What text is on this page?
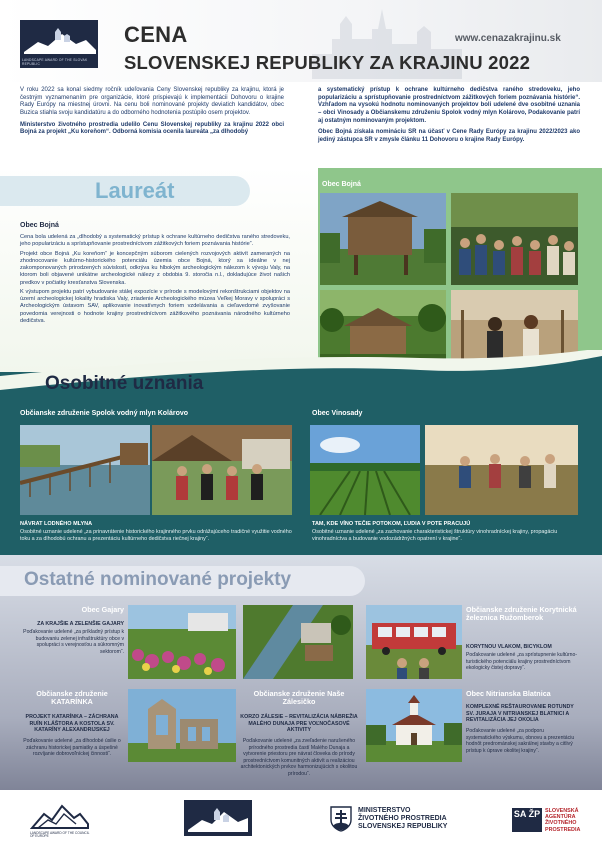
LANDSCAPE AWARD OF THE SLOVAK REPUBLIC
CENA
SLOVENSKEJ REPUBLIKY ZA KRAJINU 2022
www.cenazakrajinu.sk

V roku 2022 sa konal siedmy ročník udeľovania Ceny Slovenskej republiky za krajinu, ktorá je čestným vyznamenaním pre organizácie, ktoré prispievajú k implementácii Dohovoru o krajine Rady Európy na miestnej úrovni. Na cenu boli nominované projekty deviatich kandidátov, obec Buzica stiahla svoju kandidatúru a do odborného hodnotenia postúpilo osem projektov.

Ministerstvo životného prostredia udelilo Cenu Slovenskej republiky za krajinu 2022 obci Bojná za projekt „Ku koreňom“. Odborná komisia ocenila laureáta „za dlhodobý

a systematický prístup k ochrane kultúrneho dedičstva raného stredoveku, jeho popularizáciu a sprístupňovanie prostredníctvom zážitkových foriem poznávania histórie“. Vzhľadom na vysokú hodnotu nominovaných projektov boli udelené dve osobitné uznania – obci Vinosady a Občianskemu združeniu Spolok vodný mlyn Kolárovo, Podakovanie patrí aj ostatným nominovaným projektom.

Obec Bojná získala nomináciu SR na účasť v Cene Rady Európy za krajinu 2022/2023 ako jediný zástupca SR v zmysle článku 11 Dohovoru o krajine Rady Európy.

Laureát
Obec Bojná

Cena bola udelená za „dlhodobý a systematický prístup k ochrane kultúrneho dedičstva raného stredoveku, jeho popularizáciu a sprístupňovanie prostredníctvom zážitkových foriem poznávania histórie“.

Projekt obce Bojná „Ku koreňom“ je koncepčným súborom cielených rozvojových aktivít zameraných na zhodnocovanie kultúrno-historického potenciálu územia obce Bojná, ktorý sa ideálne v nej zakomponovaných prirodzených súvislostí, odkrýva ku hlbokým archeologickým nálezom k vývoju Valy, na ktorom boli objavené unikátne archeologické nálezy z obdobia 9. storočia n.l., dokladujúce život našich predkov v počiatky kresťanstva Slovenska.

K výstupom projektu patrí vybudovanie stálej expozície v prírode s modelovými rekonštrukciami objektov na území archeologickej lokality hradiska Valy, zriadenie Archeologického múzea Veľkej Moravy v spolupráci s Archeologickým ústavom SAV, aplikovanie inovatívnych foriem vzdelávania a cieľavedomé zvyšovanie povedomia verejnosti o hodnote krajiny prostredníctvom zážitkového poznávania národného kultúrneho dedičstva.

Obec Bojná
Osobitné uznania
Občianske združenie Spolok vodný mlyn Kolárovo
NÁVRAT LODNÉHO MLYNA
Osobitné uznanie udelené „za prinavrátenie historického krajinného prvku odrážajúceho tradičné využitie vodného toku a za dlhodobú ochranu a prezentáciu kultúrneho dedičstva riečnej krajiny“.
Obec Vinosady
TAM, KDE VÍNO TEČIE POTOKOM, ĽUDIA V POTE PRACUJÚ
Osobitné uznanie udelené „za zachovanie charakteristickej štruktúry vinohradníckej krajiny, propagáciu vinohradníctva a budovanie vodozádržných opatrení v krajine“.
Ostatné nominované projekty
Obec Gajary
ZA KRAJŠIE A ZELENŠIE GAJARY
Poďakovanie udelené „za príkladný prístup k budovaniu zelenej infraštruktúry obce v spolupráci s verejnosťou a súkromným sektorom“.
Občianske združenie Korytnická železnica Ružomberok
KORYTNOU VLAKOM, BICYKLOM
Poďakovanie udelené „za sprístupnenie kultúrno-turistického potenciálu krajiny prostredníctvom ekologicky čistej dopravy“.
Občianske združenie KATARÍNKA
PROJEKT KATARÍNKA – ZÁCHRANA RUÍN KLÁŠTORA A KOSTOLA SV. KATARÍNY ALEXANDRIJSKEJ
Poďakovanie udelené „za dlhodobé úsilie o záchranu historickej pamiatky a úspešné rozvíjanie dobrovoľníckej činnosti“.
Občianske združenie Naše Zálesičko
KORZO ZÁLESIE – REVITALIZÁCIA NÁBREŽIA MALÉHO DUNAJA PRE VOĽNOČASOVÉ AKTIVITY
Poďakovanie udelené „za zveľadenie narušeného prírodného prostredia častí Malého Dunaja a vytvorenie priestoru pre návrat človeka do prírody prostredníctvom komunitných aktivít a realizáciou architektonických prvkov harmonizujúcich s okolitou prírodou“.
Obec Nitrianska Blatnica
KOMPLEXNÉ REŠTAUROVANIE ROTUNDY SV. JURAJA V NITRIANSKEJ BLATNICI A REVITALIZÁCIA JEJ OKOLIA
Poďakovanie udelené „za podporu systematického výskumu, obnovu a prezentáciu hodnôt predrománskej sakrálnej stavby a citlivý prístup k úprave okolitej krajiny“.
LANDSCAPE AWARD OF THE COUNCIL OF EUROPE
MINISTERSTVO
ŽIVOTNÉHO PROSTREDIA
SLOVENSKEJ REPUBLIKY
SA ŽP SLOVENSKÁ
AGENTÚRA
ŽIVOTNÉHO
PROSTREDIA
